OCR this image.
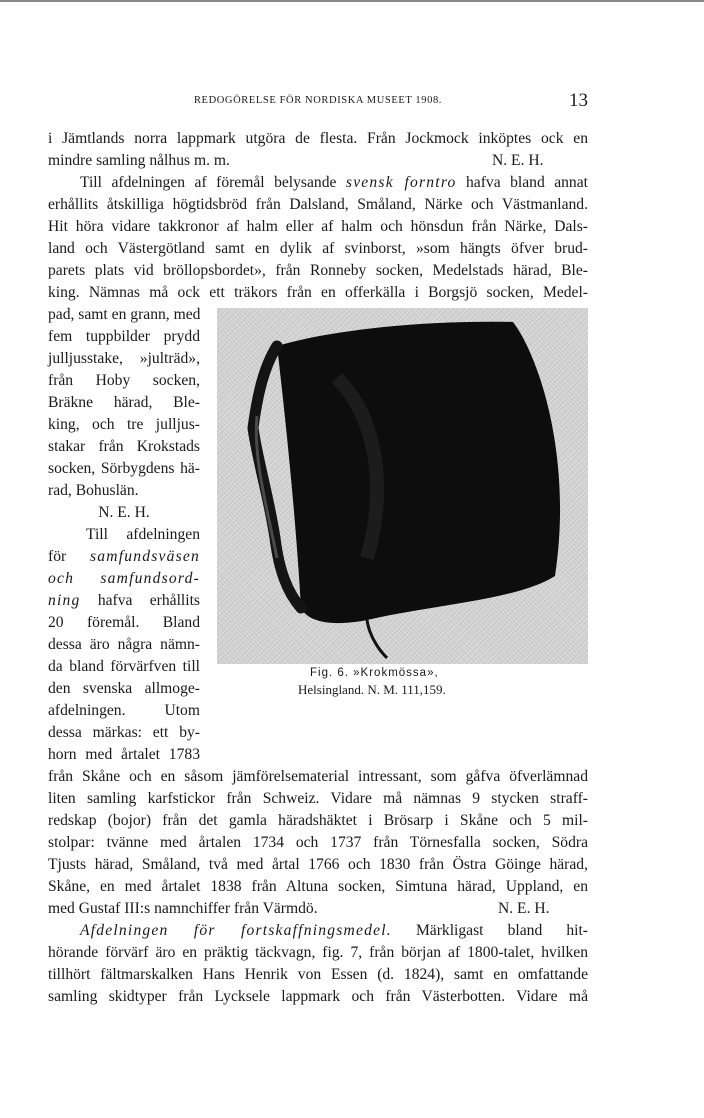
REDOGÖRELSE FÖR NORDISKA MUSEET 1908.	13
i Jämtlands norra lappmark utgöra de flesta. Från Jockmock inköptes ock en
mindre samling nålhus m. m.	N. E. H.
Till afdelningen af föremål belysande svensk forntro hafva bland annat
erhållits åtskilliga högtidsbröd från Dalsland, Småland, Närke och Västmanland.
Hit höra vidare takkronor af halm eller af halm och hönsdun från Närke, Dals-
land och Västergötland samt en dylik af svinborst, »som hängts öfver brud-
parets plats vid bröllopsbordet», från Ronneby socken, Medelstads härad, Ble-
king. Nämnas må ock ett träkors från en offerkälla i Borgsjö socken, Medel-
pad, samt en grann, med
fem tuppbilder prydd
julljusstake, »julträd»,
från Hoby socken,
Bräkne härad, Ble-
king, och tre julljus-
stakar från Krokstads
socken, Sörbygdens hä-
rad, Bohuslän.
N. E. H.
Till afdelningen
för samfundsväsen
och samfundsord-
ning hafva erhållits
20 föremål. Bland
dessa äro några nämn-
da bland förvärfven till
den svenska allmoge-
afdelningen. Utom
dessa märkas: ett by-
horn med årtalet 1783
Fig. 6. »Krokmössa»,
Helsingland. N. M. 111,159.
från Skåne och en såsom jämförelsematerial intressant, som gåfva öfverlämnad
liten samling karfstickor från Schweiz. Vidare må nämnas 9 stycken straff-
redskap (bojor) från det gamla häradshäktet i Brösarp i Skåne och 5 mil-
stolpar: tvänne med årtalen 1734 och 1737 från Törnesfalla socken, Södra
Tjusts härad, Småland, två med årtal 1766 och 1830 från Östra Göinge härad,
Skåne, en med årtalet 1838 från Altuna socken, Simtuna härad, Uppland, en
med Gustaf III:s namnchiffer från Värmdö.	N. E. H.
Afdelningen för fortskaffningsmedel. Märkligast bland hit-
hörande förvärf äro en präktig täckvagn, fig. 7, från början af 1800-talet, hvilken
tillhört fältmarskalken Hans Henrik von Essen (d. 1824), samt en omfattande
samling skidtyper från Lycksele lappmark och från Västerbotten. Vidare må
